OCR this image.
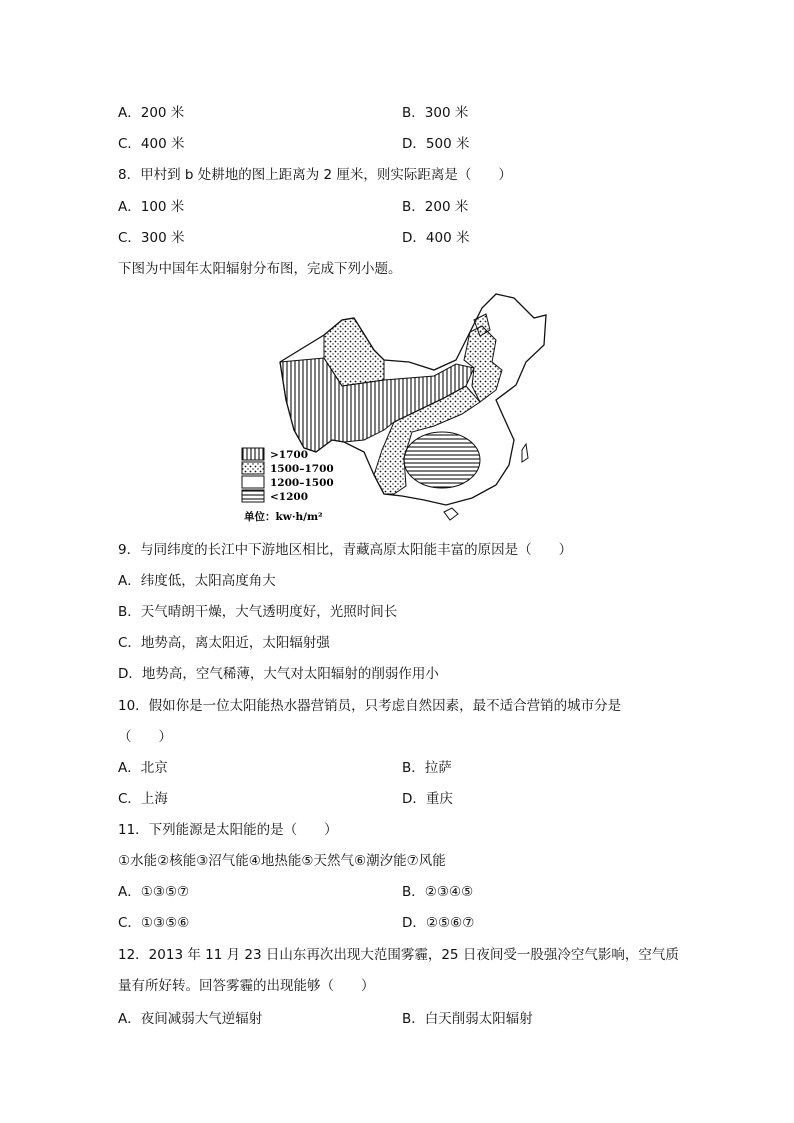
A．200 米	B．300 米
C．400 米	D．500 米
8．甲村到 b 处耕地的图上距离为 2 厘米，则实际距离是（　　）
A．100 米	B．200 米
C．300 米	D．400 米
下图为中国年太阳辐射分布图，完成下列小题。
>1700
1500–1700
1200–1500
<1200
单位：kw·h/m²
9．与同纬度的长江中下游地区相比，青藏高原太阳能丰富的原因是（　　）
A．纬度低，太阳高度角大
B．天气晴朗干燥，大气透明度好，光照时间长
C．地势高，离太阳近，太阳辐射强
D．地势高，空气稀薄，大气对太阳辐射的削弱作用小
10．假如你是一位太阳能热水器营销员，只考虑自然因素，最不适合营销的城市分是
（　　）
A．北京	B．拉萨
C．上海	D．重庆
11．下列能源是太阳能的是（　　）
①水能②核能③沼气能④地热能⑤天然气⑥潮汐能⑦风能
A．①③⑤⑦	B．②③④⑤
C．①③⑤⑥	D．②⑤⑥⑦
12．2013 年 11 月 23 日山东再次出现大范围雾霾，25 日夜间受一股强冷空气影响，空气质
量有所好转。回答雾霾的出现能够（　　）
A．夜间减弱大气逆辐射	B．白天削弱太阳辐射
